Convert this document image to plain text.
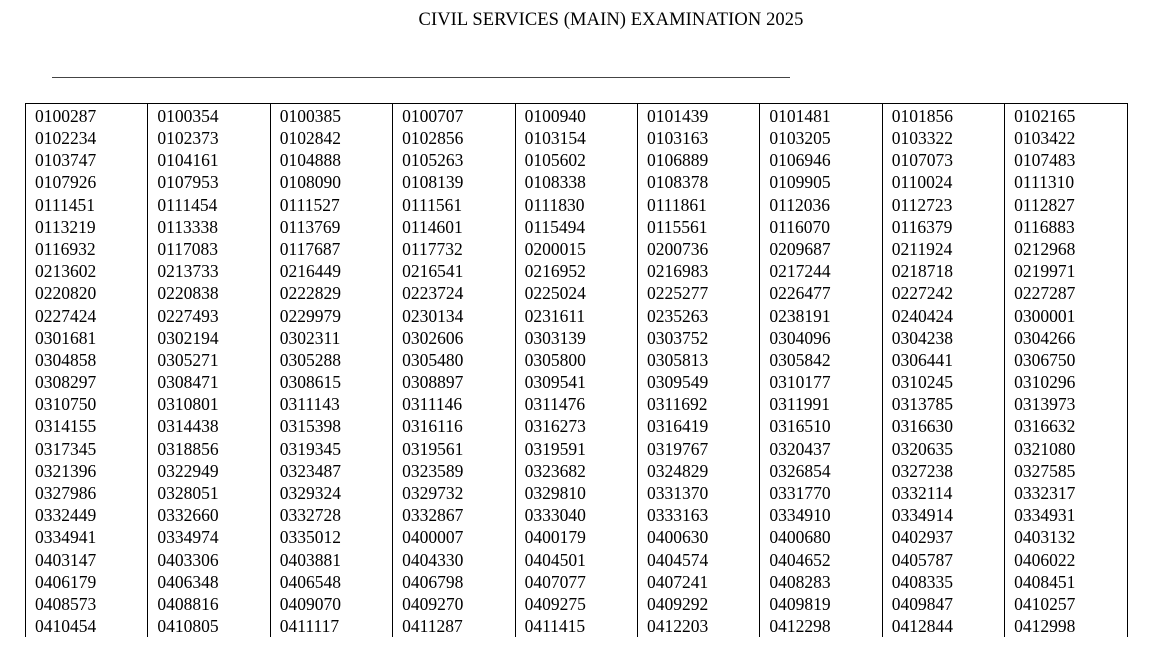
CIVIL SERVICES (MAIN) EXAMINATION 2025
0100287	0100354	0100385	0100707	0100940	0101439	0101481	0101856	0102165
0102234	0102373	0102842	0102856	0103154	0103163	0103205	0103322	0103422
0103747	0104161	0104888	0105263	0105602	0106889	0106946	0107073	0107483
0107926	0107953	0108090	0108139	0108338	0108378	0109905	0110024	0111310
0111451	0111454	0111527	0111561	0111830	0111861	0112036	0112723	0112827
0113219	0113338	0113769	0114601	0115494	0115561	0116070	0116379	0116883
0116932	0117083	0117687	0117732	0200015	0200736	0209687	0211924	0212968
0213602	0213733	0216449	0216541	0216952	0216983	0217244	0218718	0219971
0220820	0220838	0222829	0223724	0225024	0225277	0226477	0227242	0227287
0227424	0227493	0229979	0230134	0231611	0235263	0238191	0240424	0300001
0301681	0302194	0302311	0302606	0303139	0303752	0304096	0304238	0304266
0304858	0305271	0305288	0305480	0305800	0305813	0305842	0306441	0306750
0308297	0308471	0308615	0308897	0309541	0309549	0310177	0310245	0310296
0310750	0310801	0311143	0311146	0311476	0311692	0311991	0313785	0313973
0314155	0314438	0315398	0316116	0316273	0316419	0316510	0316630	0316632
0317345	0318856	0319345	0319561	0319591	0319767	0320437	0320635	0321080
0321396	0322949	0323487	0323589	0323682	0324829	0326854	0327238	0327585
0327986	0328051	0329324	0329732	0329810	0331370	0331770	0332114	0332317
0332449	0332660	0332728	0332867	0333040	0333163	0334910	0334914	0334931
0334941	0334974	0335012	0400007	0400179	0400630	0400680	0402937	0403132
0403147	0403306	0403881	0404330	0404501	0404574	0404652	0405787	0406022
0406179	0406348	0406548	0406798	0407077	0407241	0408283	0408335	0408451
0408573	0408816	0409070	0409270	0409275	0409292	0409819	0409847	0410257
0410454	0410805	0411117	0411287	0411415	0412203	0412298	0412844	0412998
